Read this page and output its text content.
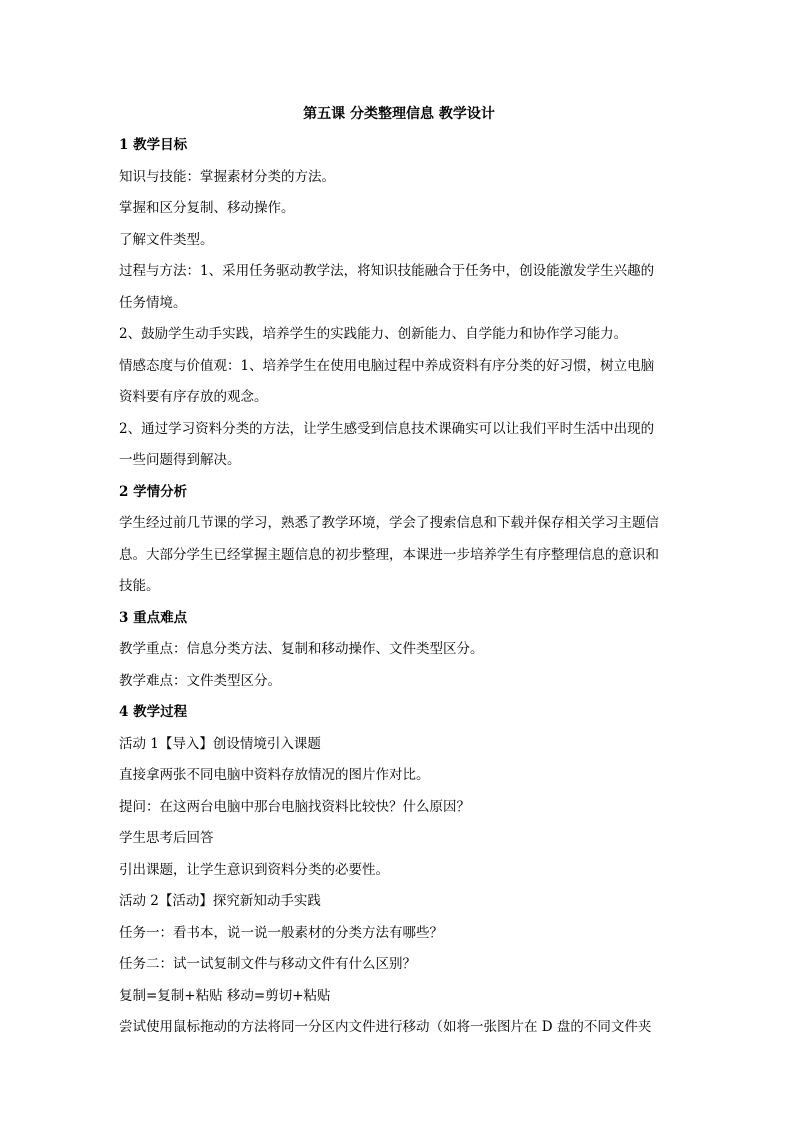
第五课 分类整理信息 教学设计
1 教学目标
知识与技能：掌握素材分类的方法。
掌握和区分复制、移动操作。
了解文件类型。
过程与方法：1、采用任务驱动教学法，将知识技能融合于任务中，创设能激发学生兴趣的
任务情境。
2、鼓励学生动手实践，培养学生的实践能力、创新能力、自学能力和协作学习能力。
情感态度与价值观：1、培养学生在使用电脑过程中养成资料有序分类的好习惯，树立电脑
资料要有序存放的观念。
2、通过学习资料分类的方法，让学生感受到信息技术课确实可以让我们平时生活中出现的
一些问题得到解决。
2 学情分析
学生经过前几节课的学习，熟悉了教学环境，学会了搜索信息和下载并保存相关学习主题信
息。大部分学生已经掌握主题信息的初步整理，本课进一步培养学生有序整理信息的意识和
技能。
3 重点难点
教学重点：信息分类方法、复制和移动操作、文件类型区分。
教学难点：文件类型区分。
4 教学过程
活动 1【导入】创设情境引入课题
直接拿两张不同电脑中资料存放情况的图片作对比。
提问：在这两台电脑中那台电脑找资料比较快？什么原因？
学生思考后回答
引出课题，让学生意识到资料分类的必要性。
活动 2【活动】探究新知动手实践
任务一：看书本，说一说一般素材的分类方法有哪些？
任务二：试一试复制文件与移动文件有什么区别？
复制=复制+粘贴 移动=剪切+粘贴
尝试使用鼠标拖动的方法将同一分区内文件进行移动（如将一张图片在 D 盘的不同文件夹
